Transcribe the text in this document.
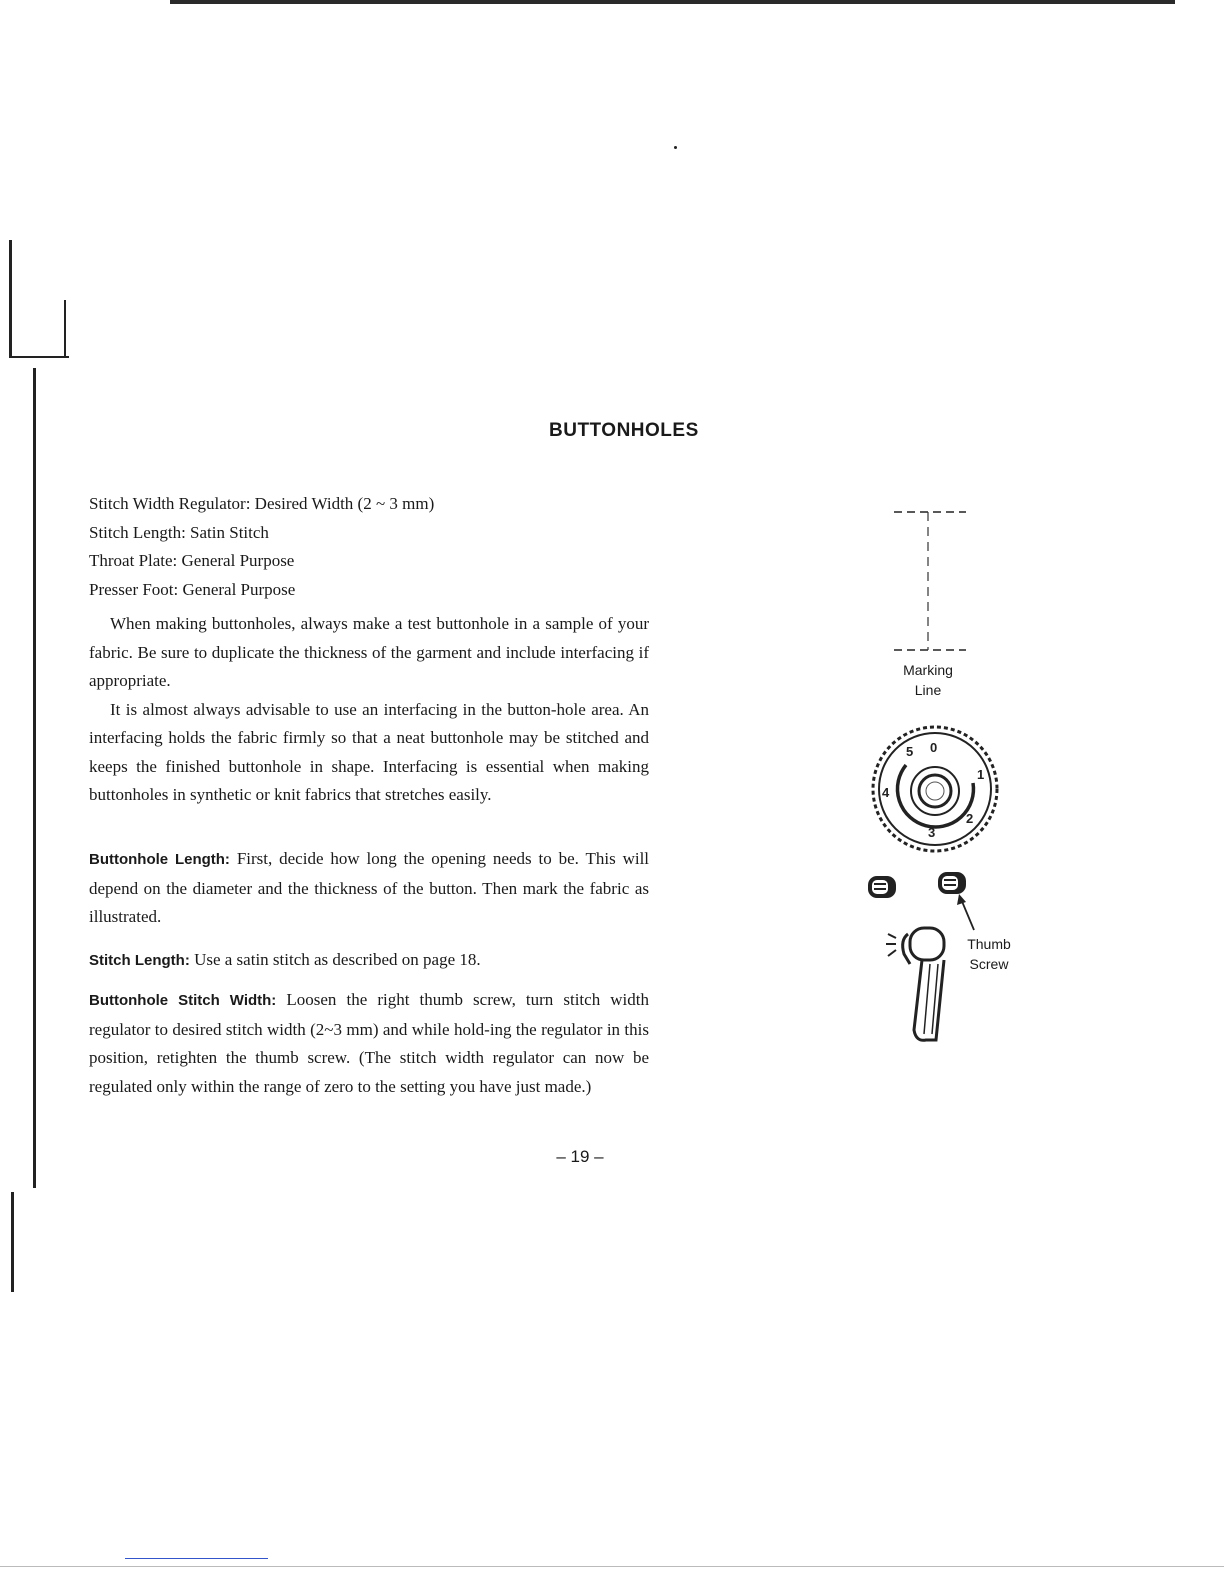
BUTTONHOLES
Stitch Width Regulator: Desired Width (2 ~ 3 mm)
Stitch Length: Satin Stitch
Throat Plate: General Purpose
Presser Foot: General Purpose

When making buttonholes, always make a test buttonhole in a sample of your fabric. Be sure to duplicate the thickness of the garment and include interfacing if appropriate.

It is almost always advisable to use an interfacing in the button-hole area. An interfacing holds the fabric firmly so that a neat buttonhole may be stitched and keeps the finished buttonhole in shape. Interfacing is essential when making buttonholes in synthetic or knit fabrics that stretches easily.

Buttonhole Length: First, decide how long the opening needs to be. This will depend on the diameter and the thickness of the button. Then mark the fabric as illustrated.

Stitch Length: Use a satin stitch as described on page 18.

Buttonhole Stitch Width: Loosen the right thumb screw, turn stitch width regulator to desired stitch width (2~3 mm) and while hold-ing the regulator in this position, retighten the thumb screw. (The stitch width regulator can now be regulated only within the range of zero to the setting you have just made.)

– 19 –
Marking
Line
0
1
2
3
4
5
Thumb
Screw
